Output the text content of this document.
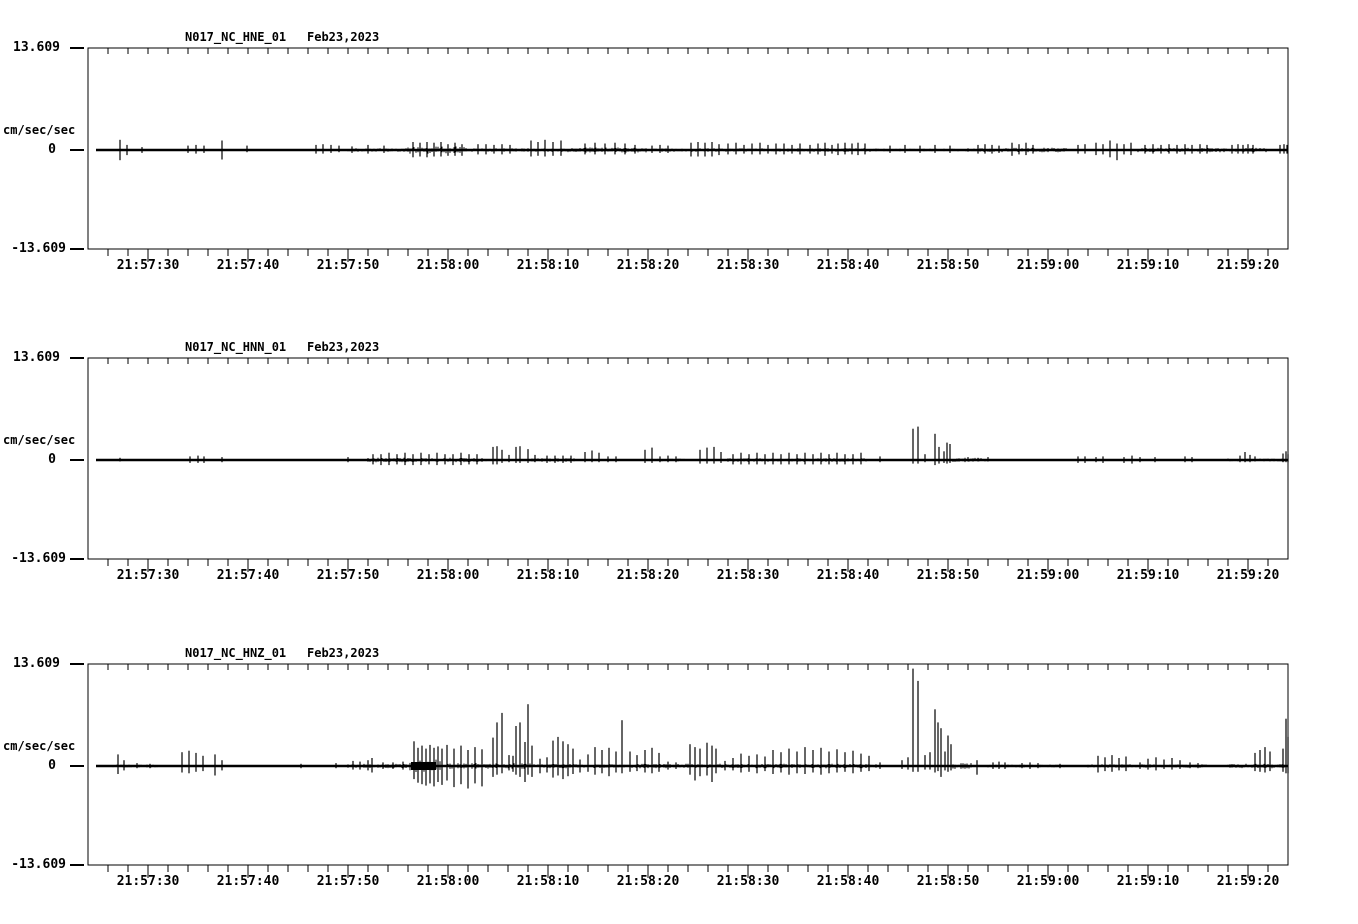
N017_NC_HNE_01 Feb23,2023
13.609
cm/sec/sec
0
-13.609
21:57:30	21:57:40	21:57:50	21:58:00	21:58:10	21:58:20	21:58:30	21:58:40	21:58:50	21:59:00	21:59:10	21:59:20
N017_NC_HNN_01 Feb23,2023
13.609
cm/sec/sec
0
-13.609
21:57:30	21:57:40	21:57:50	21:58:00	21:58:10	21:58:20	21:58:30	21:58:40	21:58:50	21:59:00	21:59:10	21:59:20
N017_NC_HNZ_01 Feb23,2023
13.609
cm/sec/sec
0
-13.609
21:57:30	21:57:40	21:57:50	21:58:00	21:58:10	21:58:20	21:58:30	21:58:40	21:58:50	21:59:00	21:59:10	21:59:20
